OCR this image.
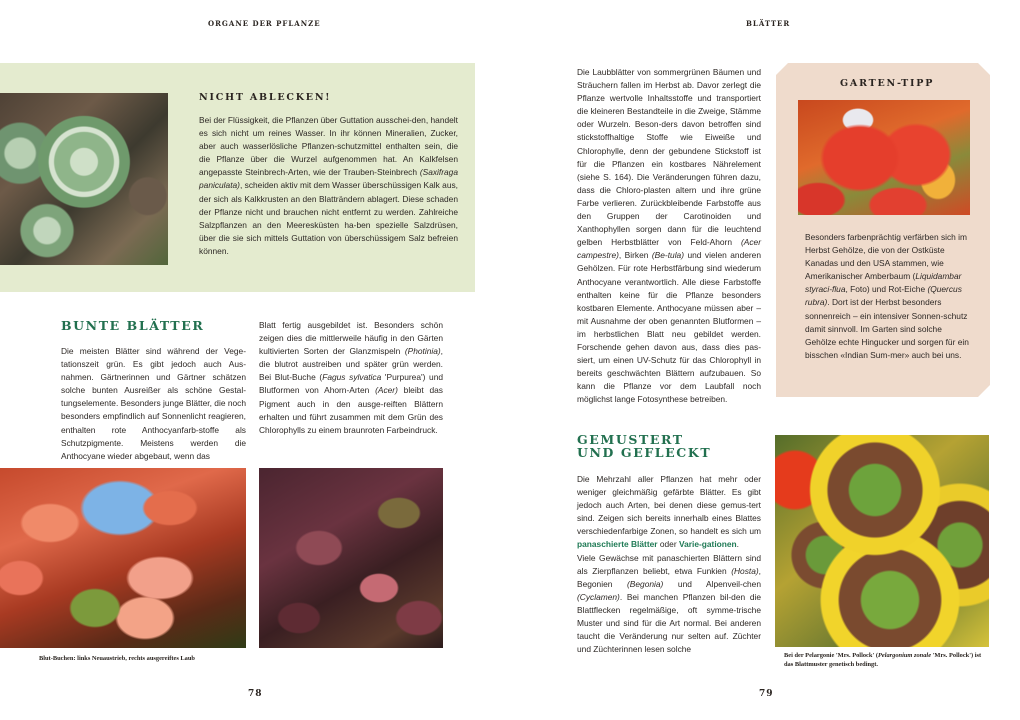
ORGANE DER PFLANZE
NICHT ABLECKEN!
Bei der Flüssigkeit, die Pflanzen über Guttation ausschei-den, handelt es sich nicht um reines Wasser. In ihr können Mineralien, Zucker, aber auch wasserlösliche Pflanzen-schutzmittel enthalten sein, die die Pflanze über die Wurzel aufgenommen hat. An Kalkfelsen angepasste Steinbrech-Arten, wie der Trauben-Steinbrech (Saxifraga paniculata), scheiden aktiv mit dem Wasser überschüssigen Kalk aus, der sich als Kalkkrusten an den Blatträndern ablagert. Diese schaden der Pflanze nicht und brauchen nicht entfernt zu werden. Zahlreiche Salzpflanzen an den Meeresküsten ha-ben spezielle Salzdrüsen, über die sie sich mittels Guttation von überschüssigem Salz befreien können.
BUNTE BLÄTTER
Die meisten Blätter sind während der Vege-tationszeit grün. Es gibt jedoch auch Aus-nahmen. Gärtnerinnen und Gärtner schätzen solche bunten Ausreißer als schöne Gestal-tungselemente. Besonders junge Blätter, die noch besonders empfindlich auf Sonnenlicht reagieren, enthalten rote Anthocyanfarb-stoffe als Schutzpigmente. Meistens werden die Anthocyane wieder abgebaut, wenn das
Blatt fertig ausgebildet ist. Besonders schön zeigen dies die mittlerweile häufig in den Gärten kultivierten Sorten der Glanzmispeln (Photinia), die blutrot austreiben und später grün werden. Bei Blut-Buche (Fagus sylvatica 'Purpurea') und Blutformen von Ahorn-Arten (Acer) bleibt das Pigment auch in den ausge-reiften Blättern erhalten und führt zusammen mit dem Grün des Chlorophylls zu einem braunroten Farbeindruck.
Blut-Buchen: links Neuaustrieb, rechts ausgereiftes Laub
78
BLÄTTER
Die Laubblätter von sommergrünen Bäumen und Sträuchern fallen im Herbst ab. Davor zerlegt die Pflanze wertvolle Inhaltsstoffe und transportiert die kleineren Bestandteile in die Zweige, Stämme oder Wurzeln. Beson-ders davon betroffen sind stickstoffhaltige Stoffe wie Eiweiße und Chlorophylle, denn der gebundene Stickstoff ist für die Pflanzen ein kostbares Nährelement (siehe S. 164). Die Veränderungen führen dazu, dass die Chloro-plasten altern und ihre grüne Farbe verlieren. Zurückbleibende Farbstoffe aus den Gruppen der Carotinoiden und Xanthophyllen sorgen dann für die leuchtend gelben Herbstblätter von Feld-Ahorn (Acer campestre), Birken (Be-tula) und vielen anderen Gehölzen. Für rote Herbstfärbung sind wiederum Anthocyane verantwortlich. Alle diese Farbstoffe enthalten keine für die Pflanze besonders kostbaren Elemente. Anthocyane müssen aber – mit Ausnahme der oben genannten Blutformen – im herbstlichen Blatt neu gebildet werden. Forschende gehen davon aus, dass dies pas-siert, um einen UV-Schutz für das Chlorophyll in bereits geschwächten Blättern aufzubauen. So kann die Pflanze vor dem Laubfall noch möglichst lange Fotosynthese betreiben.
GARTEN-TIPP
Besonders farbenprächtig verfärben sich im Herbst Gehölze, die von der Ostküste Kanadas und den USA stammen, wie Amerikanischer Amberbaum (Liquidambar styraci-flua, Foto) und Rot-Eiche (Quercus rubra). Dort ist der Herbst besonders sonnenreich – ein intensiver Sonnen-schutz damit sinnvoll. Im Garten sind solche Gehölze echte Hingucker und sorgen für ein bisschen «Indian Sum-mer» auch bei uns.
GEMUSTERT
UND GEFLECKT
Die Mehrzahl aller Pflanzen hat mehr oder weniger gleichmäßig gefärbte Blätter. Es gibt jedoch auch Arten, bei denen diese gemus-tert sind. Zeigen sich bereits innerhalb eines Blattes verschiedenfarbige Zonen, so handelt es sich um panaschierte Blätter oder Varie-gationen.
Viele Gewächse mit panaschierten Blättern sind als Zierpflanzen beliebt, etwa Funkien (Hosta), Begonien (Begonia) und Alpenveil-chen (Cyclamen). Bei manchen Pflanzen bil-den die Blattflecken regelmäßige, oft symme-trische Muster und sind für die Art normal. Bei anderen taucht die Veränderung nur selten auf. Züchter und Züchterinnen lesen solche
Bei der Pelargonie 'Mrs. Pollock' (Pelargonium zonale 'Mrs. Pollock') ist das Blattmuster genetisch bedingt.
79
